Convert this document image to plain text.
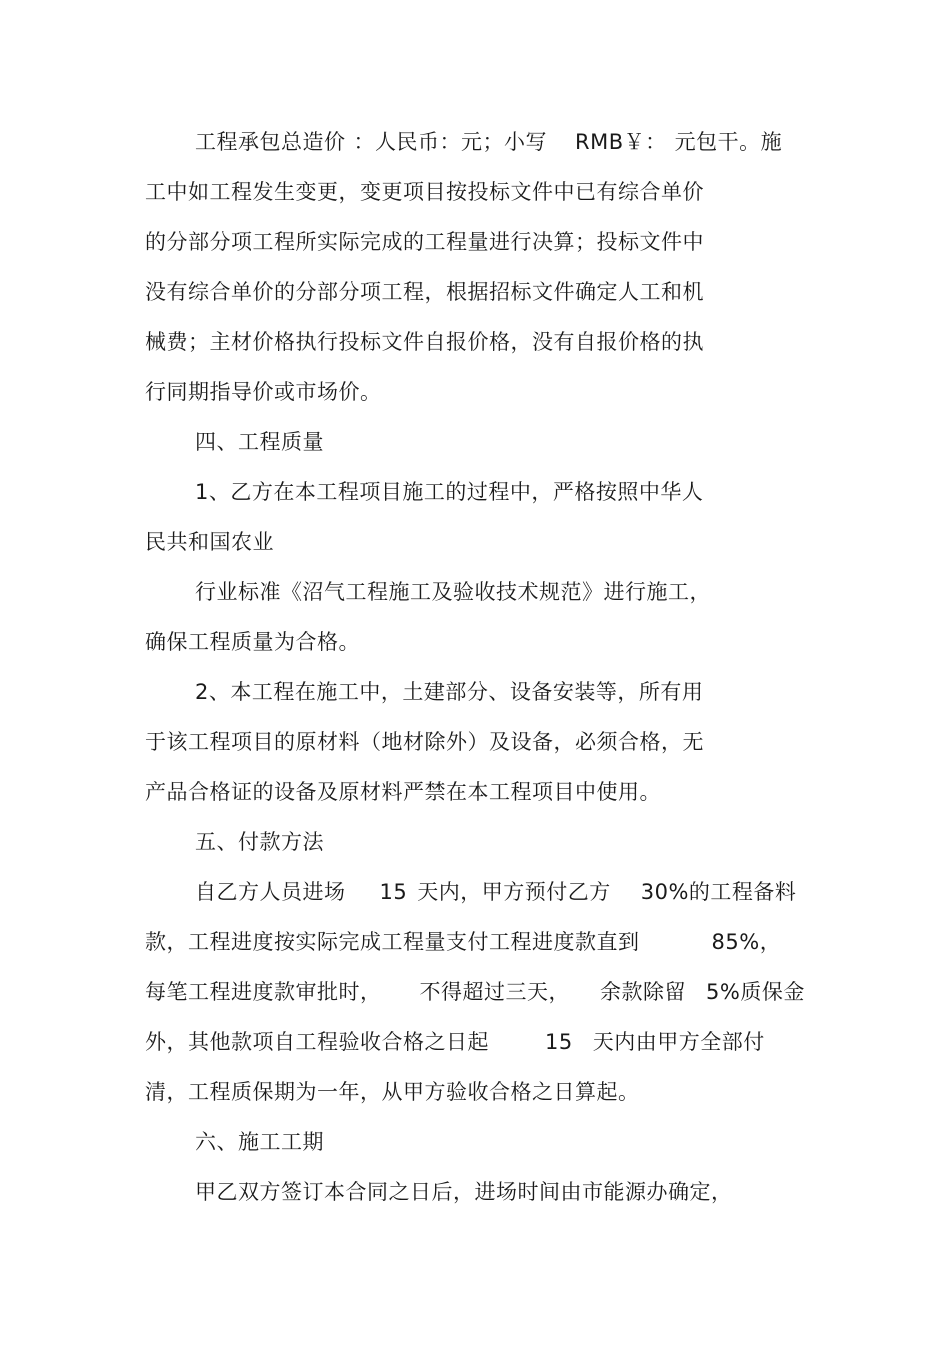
工程承包总造价 ：人民币：元；小写 RMB￥： 元包干。施
工中如工程发生变更，变更项目按投标文件中已有综合单价
的分部分项工程所实际完成的工程量进行决算；投标文件中
没有综合单价的分部分项工程，根据招标文件确定人工和机
械费；主材价格执行投标文件自报价格，没有自报价格的执
行同期指导价或市场价。
四、工程质量
1、乙方在本工程项目施工的过程中，严格按照中华人
民共和国农业
行业标准《沼气工程施工及验收技术规范》进行施工，
确保工程质量为合格。
2、本工程在施工中，土建部分、设备安装等，所有用
于该工程项目的原材料（地材除外）及设备，必须合格，无
产品合格证的设备及原材料严禁在本工程项目中使用。
五、付款方法
自乙方人员进场 15 天内，甲方预付乙方 30%的工程备料
款，工程进度按实际完成工程量支付工程进度款直到	85%，
每笔工程进度款审批时， 不得超过三天， 余款除留 5%质保金
外，其他款项自工程验收合格之日起	15 天内由甲方全部付
清，工程质保期为一年，从甲方验收合格之日算起。
六、施工工期
甲乙双方签订本合同之日后，进场时间由市能源办确定，
